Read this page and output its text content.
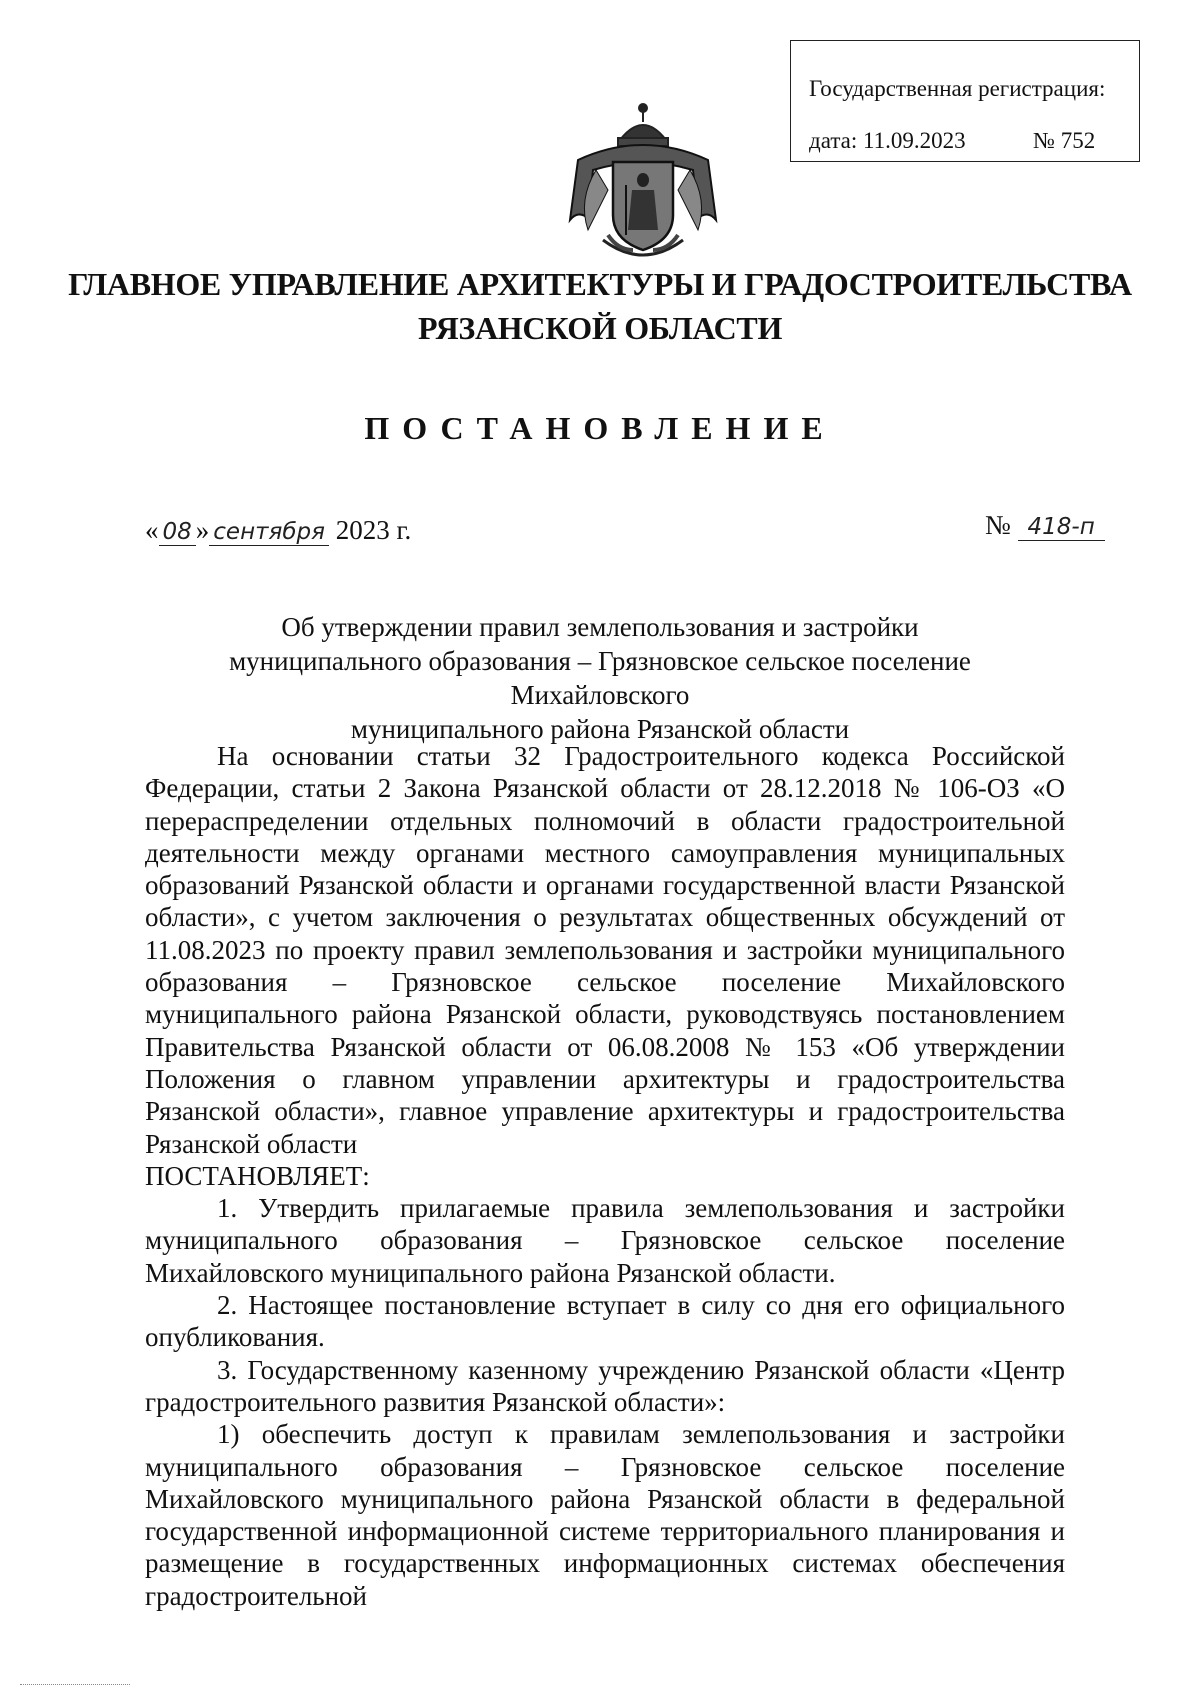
Государственная регистрация:
дата: 11.09.2023	№ 752
ГЛАВНОЕ УПРАВЛЕНИЕ АРХИТЕКТУРЫ И ГРАДОСТРОИТЕЛЬСТВА
РЯЗАНСКОЙ ОБЛАСТИ
ПОСТАНОВЛЕНИЕ
« 08 » сентября 2023 г.	№ 418-п
Об утверждении правил землепользования и застройки
муниципального образования – Грязновское сельское поселение Михайловского
муниципального района Рязанской области

На основании статьи 32 Градостроительного кодекса Российской Федерации, статьи 2 Закона Рязанской области от 28.12.2018 № 106-ОЗ «О перераспределении отдельных полномочий в области градостроительной деятельности между органами местного самоуправления муниципальных образований Рязанской области и органами государственной власти Рязанской области», с учетом заключения о результатах общественных обсуждений от 11.08.2023 по проекту правил землепользования и застройки муниципального образования – Грязновское сельское поселение Михайловского муниципального района Рязанской области, руководствуясь постановлением Правительства Рязанской области от 06.08.2008 № 153 «Об утверждении Положения о главном управлении архитектуры и градостроительства Рязанской области», главное управление архитектуры и градостроительства Рязанской области

ПОСТАНОВЛЯЕТ:

1. Утвердить прилагаемые правила землепользования и застройки муниципального образования – Грязновское сельское поселение Михайловского муниципального района Рязанской области.

2. Настоящее постановление вступает в силу со дня его официального опубликования.

3. Государственному казенному учреждению Рязанской области «Центр градостроительного развития Рязанской области»:

1) обеспечить доступ к правилам землепользования и застройки муниципального образования – Грязновское сельское поселение Михайловского муниципального района Рязанской области в федеральной государственной информационной системе территориального планирования и размещение в государственных информационных системах обеспечения градостроительной
